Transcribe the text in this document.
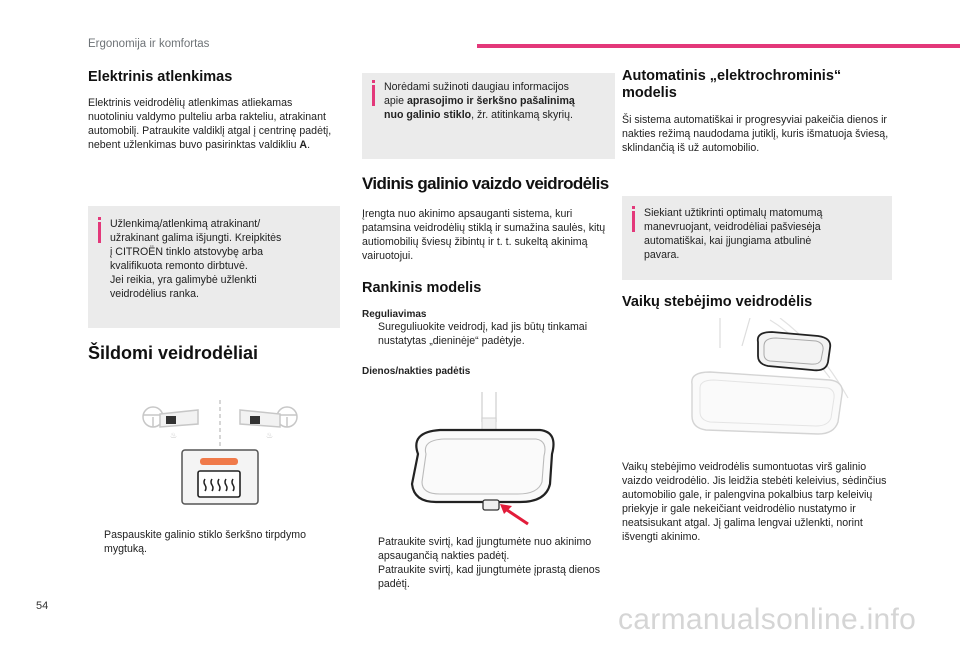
Ergonomija ir komfortas
Elektrinis atlenkimas

Elektrinis veidrodėlių atlenkimas atliekamas nuotoliniu valdymo pulteliu arba rakteliu, atrakinant automobilį. Patraukite valdiklį atgal į centrinę padėtį, nebent užlenkimas buvo pasirinktas valdikliu A.

Užlenkimą/atlenkimą atrakinant/
užrakinant galima išjungti. Kreipkitės
į CITROËN tinklo atstovybę arba
kvalifikuota remonto dirbtuvė.
Jei reikia, yra galimybė užlenkti
veidrodėlius ranka.
Šildomi veidrodėliai
♨	♨
Paspauskite galinio stiklo šerkšno tirpdymo mygtuką.
Norėdami sužinoti daugiau informacijos
apie aprasojimo ir šerkšno pašalinimą
nuo galinio stiklo, žr. atitinkamą skyrių.
Vidinis galinio vaizdo veidrodėlis

Įrengta nuo akinimo apsauganti sistema, kuri patamsina veidrodėlių stiklą ir sumažina saulės, kitų autiomobilių šviesų žibintų ir t. t. sukeltą akinimą vairuotojui.

Rankinis modelis
Reguliavimas
Sureguliuokite veidrodį, kad jis būtų tinkamai nustatytas „dieninėje“ padėtyje.
Dienos/nakties padėtis
Patraukite svirtį, kad įjungtumėte nuo akinimo apsaugančią nakties padėtį.
Patraukite svirtį, kad įjungtumėte įprastą dienos padėtį.
Automatinis „elektrochrominis“
modelis

Ši sistema automatiškai ir progresyviai pakeičia dienos ir nakties režimą naudodama jutiklį, kuris išmatuoja šviesą, sklindančią iš už automobilio.

Siekiant užtikrinti optimalų matomumą
manevruojant, veidrodėliai pašviesėja
automatiškai, kai įjungiama atbulinė
pavara.
Vaikų stebėjimo veidrodėlis

Vaikų stebėjimo veidrodėlis sumontuotas virš galinio vaizdo veidrodėlio. Jis leidžia stebėti keleivius, sėdinčius automobilio gale, ir palengvina pokalbius tarp keleivių priekyje ir gale nekeičiant veidrodėlio nustatymo ir neatsisukant atgal. Jį galima lengvai užlenkti, norint išvengti akinimo.

54	carmanualsonline.info
